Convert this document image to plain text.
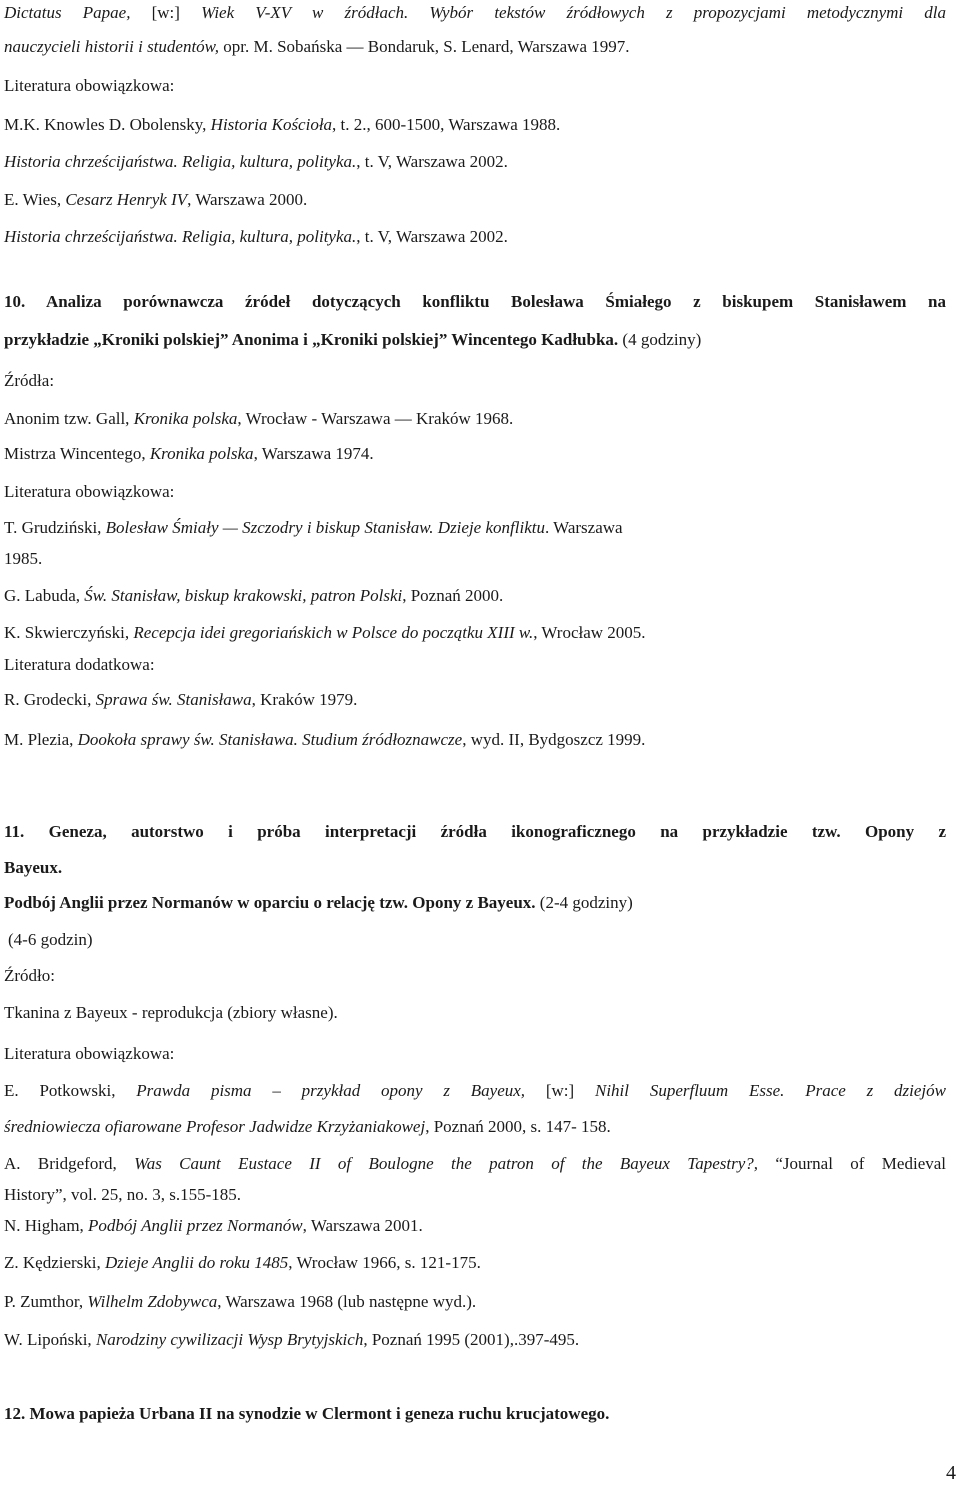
Dictatus Papae, [w:] Wiek V-XV w źródłach. Wybór tekstów źródłowych z propozycjami metodycznymi dla
nauczycieli historii i studentów, opr. M. Sobańska — Bondaruk, S. Lenard, Warszawa 1997.
Literatura obowiązkowa:
M.K. Knowles D. Obolensky, Historia Kościoła, t. 2., 600-1500, Warszawa 1988.
Historia chrześcijaństwa. Religia, kultura, polityka., t. V, Warszawa 2002.
E. Wies, Cesarz Henryk IV, Warszawa 2000.
Historia chrześcijaństwa. Religia, kultura, polityka., t. V, Warszawa 2002.
10. Analiza porównawcza źródeł dotyczących konfliktu Bolesława Śmiałego z biskupem Stanisławem na
przykładzie „Kroniki polskiej” Anonima i „Kroniki polskiej” Wincentego Kadłubka. (4 godziny)
Źródła:
Anonim tzw. Gall, Kronika polska, Wrocław - Warszawa — Kraków 1968.
Mistrza Wincentego, Kronika polska, Warszawa 1974.
Literatura obowiązkowa:
T. Grudziński, Bolesław Śmiały — Szczodry i biskup Stanisław. Dzieje konfliktu. Warszawa
1985.
G. Labuda, Św. Stanisław, biskup krakowski, patron Polski, Poznań 2000.
K. Skwierczyński, Recepcja idei gregoriańskich w Polsce do początku XIII w., Wrocław 2005.
Literatura dodatkowa:
R. Grodecki, Sprawa św. Stanisława, Kraków 1979.
M. Plezia, Dookoła sprawy św. Stanisława. Studium źródłoznawcze, wyd. II, Bydgoszcz 1999.
11. Geneza, autorstwo i próba interpretacji źródła ikonograficznego na przykładzie tzw. Opony z
Bayeux.
Podbój Anglii przez Normanów w oparciu o relację tzw. Opony z Bayeux. (2-4 godziny)
(4-6 godzin)
Źródło:
Tkanina z Bayeux - reprodukcja (zbiory własne).
Literatura obowiązkowa:
E. Potkowski, Prawda pisma – przykład opony z Bayeux, [w:] Nihil Superfluum Esse. Prace z dziejów
średniowiecza ofiarowane Profesor Jadwidze Krzyżaniakowej, Poznań 2000, s. 147- 158.
A. Bridgeford, Was Caunt Eustace II of Boulogne the patron of the Bayeux Tapestry?, “Journal of Medieval
History”, vol. 25, no. 3, s.155-185.
N. Higham, Podbój Anglii przez Normanów, Warszawa 2001.
Z. Kędzierski, Dzieje Anglii do roku 1485, Wrocław 1966, s. 121-175.
P. Zumthor, Wilhelm Zdobywca, Warszawa 1968 (lub następne wyd.).
W. Lipoński, Narodziny cywilizacji Wysp Brytyjskich, Poznań 1995 (2001),.397-495.
12. Mowa papieża Urbana II na synodzie w Clermont i geneza ruchu krucjatowego.
4
